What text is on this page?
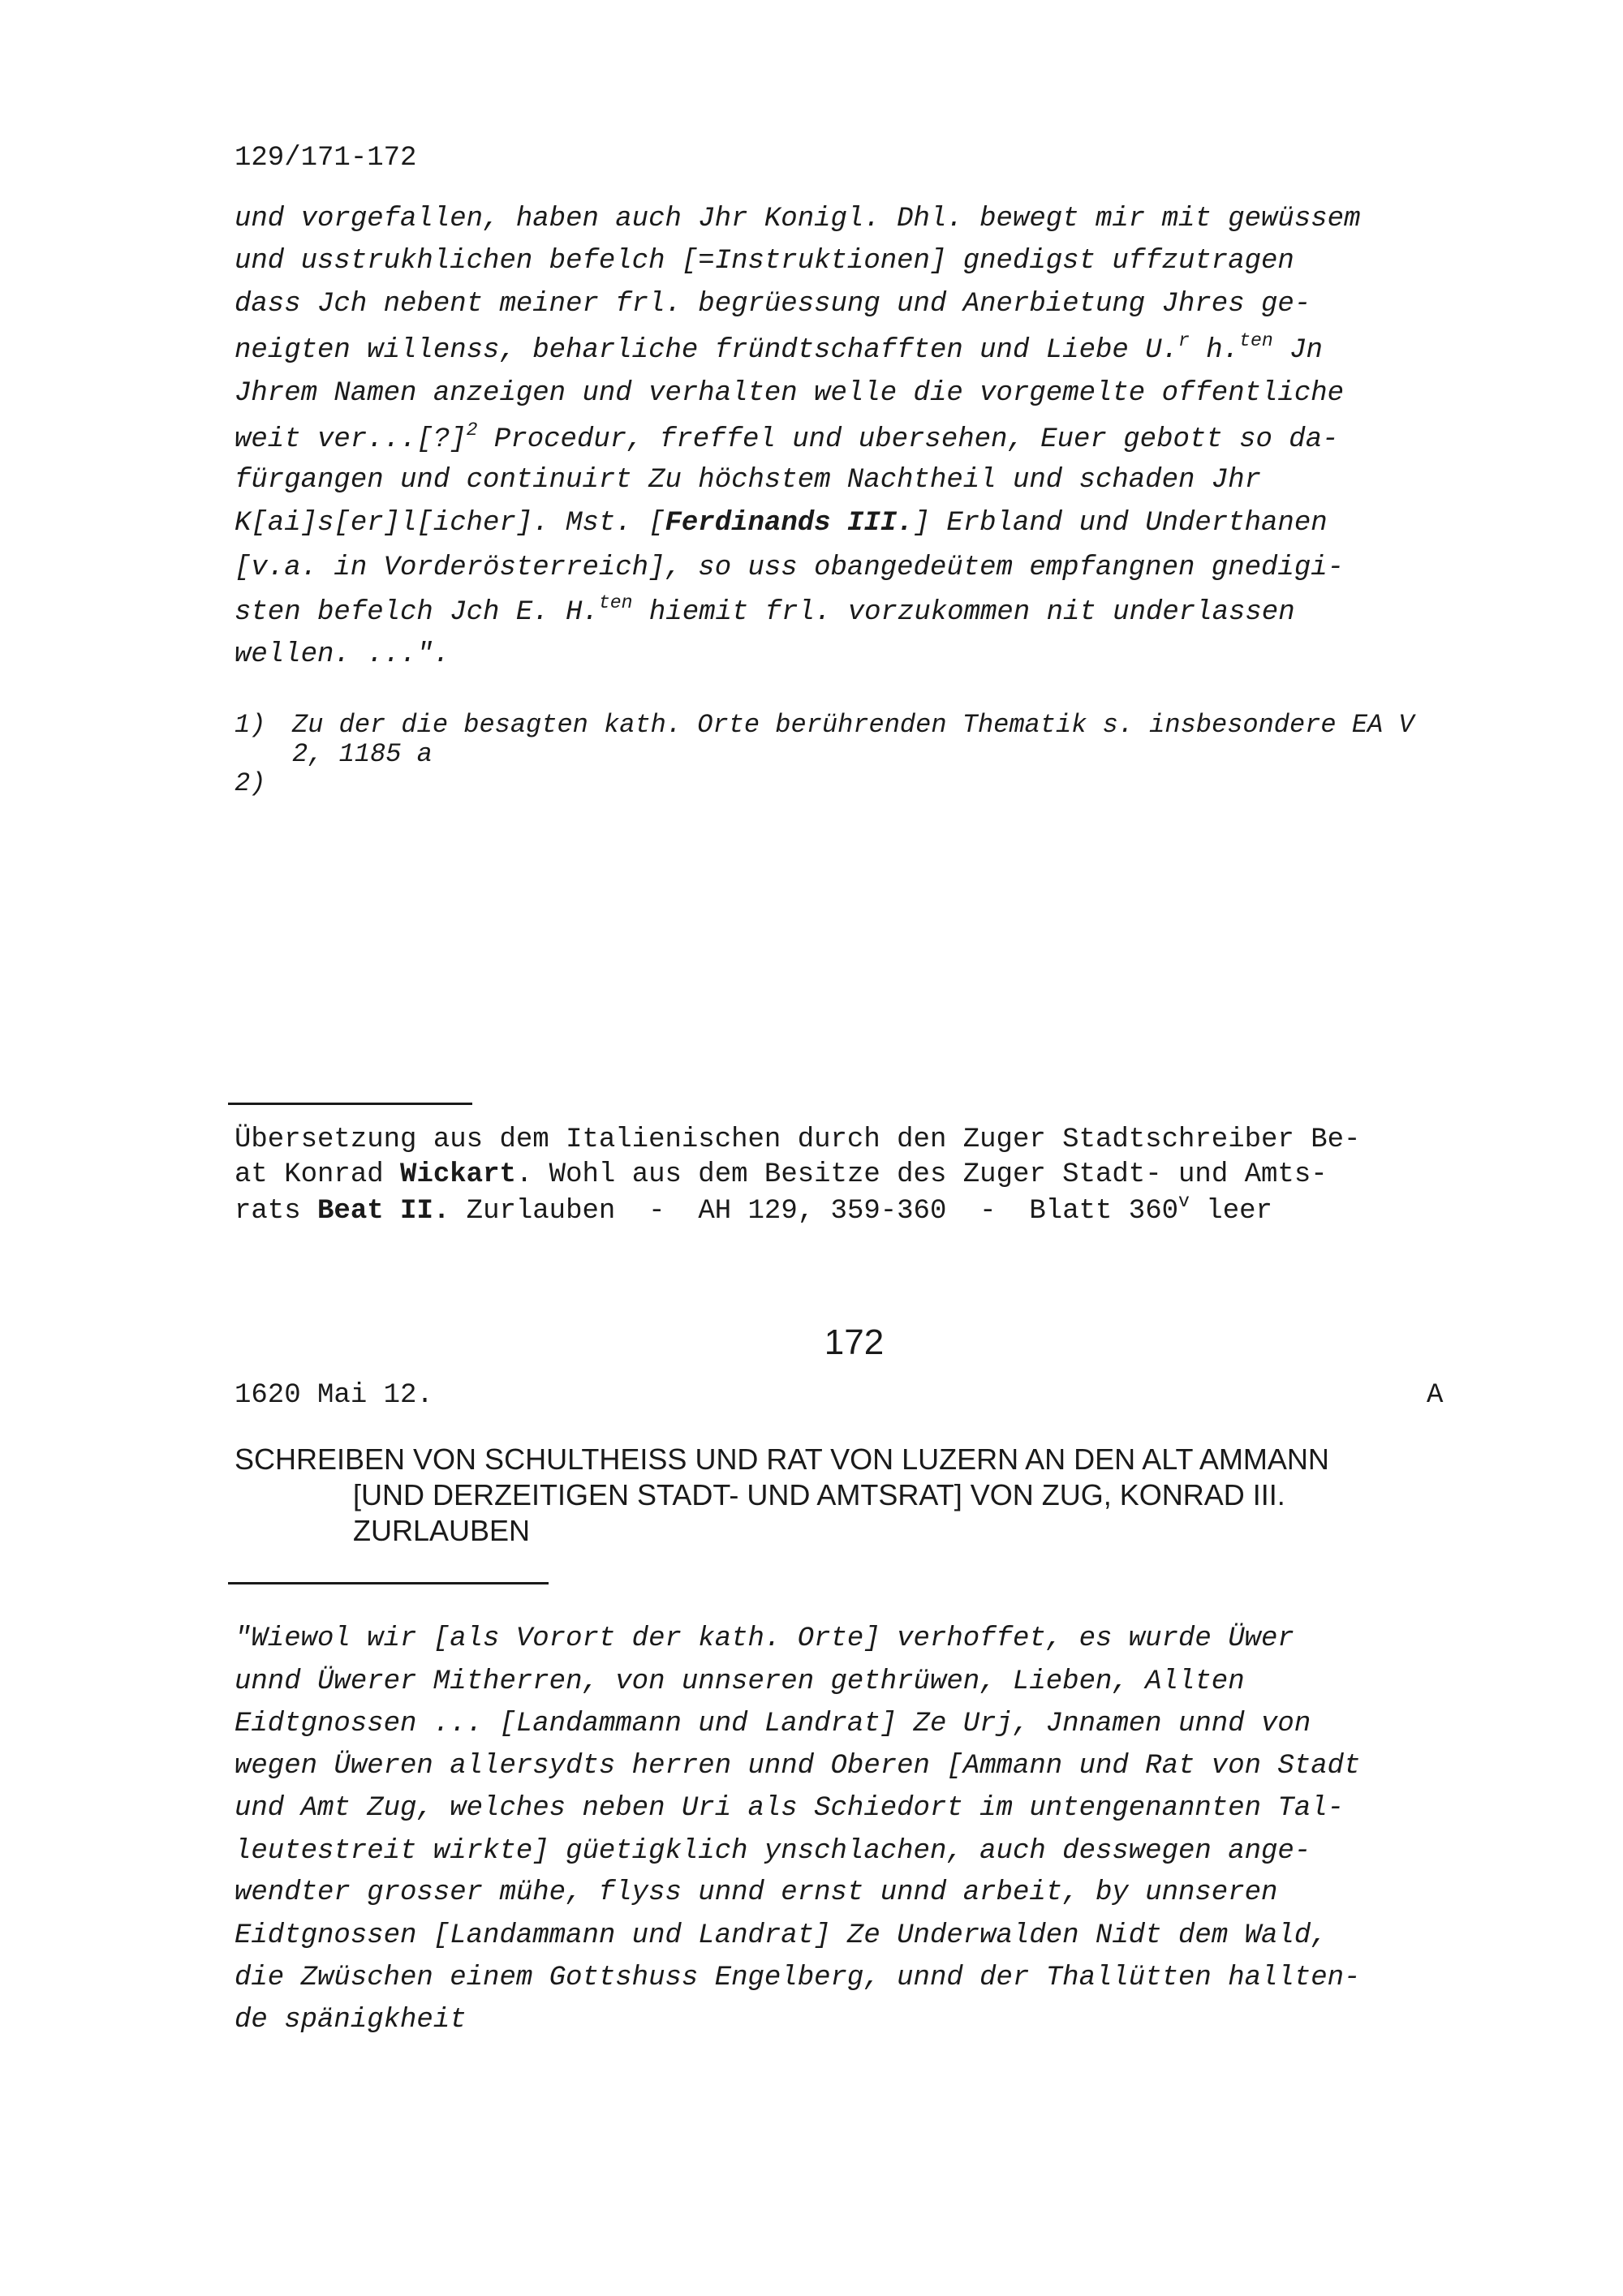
129/171-172
und vorgefallen, haben auch Jhr Konigl. Dhl. bewegt mir mit gewüssem
und usstrukhlichen befelch [=Instruktionen] gnedigst uffzutragen
dass Jch nebent meiner frl. begrüessung und Anerbietung Jhres ge-
neigten willenss, beharliche fründtschafften und Liebe U.$^r$ h.$^{ten}$ Jn
Jhrem Namen anzeigen und verhalten welle die vorgemelte offentliche
weit ver...[?]$^2$ Procedur, freffel und ubersehen, Euer gebott so da-
fürgangen und continuirt Zu höchstem Nachtheil und schaden Jhr
K[ai]s[er]l[icher]. Mst. [Ferdinands III.] Erbland und Underthanen
[v.a. in Vorderösterreich], so uss obangedeütem empfangnen gnedigi-
sten befelch Jch E. H.$^{ten}$ hiemit frl. vorzukommen nit underlassen
wellen. ...".
1) Zu der die besagten kath. Orte berührenden Thematik s. insbesondere EA V
2, 1185 a
2)
Übersetzung aus dem Italienischen durch den Zuger Stadtschreiber Be-
at Konrad Wickart. Wohl aus dem Besitze des Zuger Stadt- und Amts-
rats Beat II. Zurlauben  -  AH 129, 359-360  -  Blatt 360$^v$ leer
172
1620 Mai 12.	A
SCHREIBEN VON SCHULTHEISS UND RAT VON LUZERN AN DEN ALT AMMANN
[UND DERZEITIGEN STADT- UND AMTSRAT] VON ZUG, KONRAD III.
ZURLAUBEN
"Wiewol wir [als Vorort der kath. Orte] verhoffet, es wurde Üwer
unnd Üwerer Mitherren, von unnseren gethrüwen, Lieben, Allten
Eidtgnossen ... [Landammann und Landrat] Ze Urj, Jnnamen unnd von
wegen Üweren allersydts herren unnd Oberen [Ammann und Rat von Stadt
und Amt Zug, welches neben Uri als Schiedort im untengenannten Tal-
leutestreit wirkte] güetigklich ynschlachen, auch desswegen ange-
wendter grosser mühe, flyss unnd ernst unnd arbeit, by unnseren
Eidtgnossen [Landammann und Landrat] Ze Underwalden Nidt dem Wald,
die Zwüschen einem Gottshuss Engelberg, unnd der Thallütten hallten-
de spänigkheit
